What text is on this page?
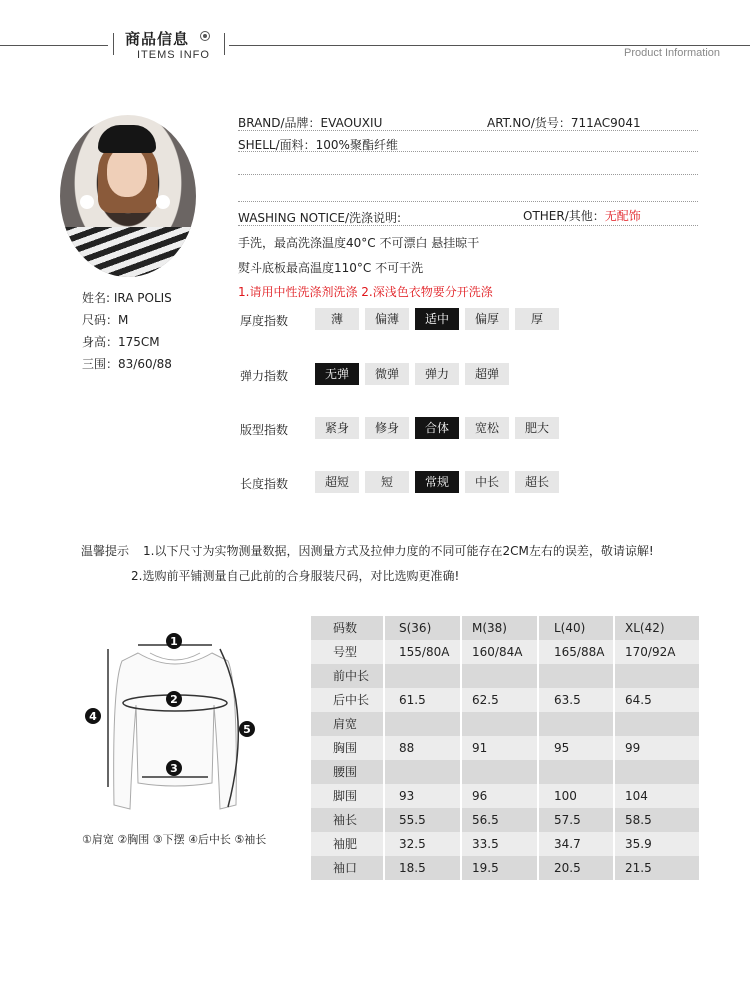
商品信息
ITEMS INFO	Product Information
姓名: IRA POLIS
尺码：M
身高：175CM
三围：83/60/88
BRAND/品牌：EVAOUXIU	ART.NO/货号：711AC9041
SHELL/面料：100%聚酯纤维
WASHING NOTICE/洗涤说明:	OTHER/其他：无配饰
手洗，最高洗涤温度40°C 不可漂白 悬挂晾干
熨斗底板最高温度110°C 不可干洗
1.请用中性洗涤剂洗涤 2.深浅色衣物要分开洗涤
厚度指数	薄	偏薄	适中	偏厚	厚
弹力指数	无弹	微弹	弹力	超弹
版型指数	紧身	修身	合体	宽松	肥大
长度指数	超短	短	常规	中长	超长
温馨提示 1.以下尺寸为实物测量数据，因测量方式及拉伸力度的不同可能存在2CM左右的误差，敬请谅解!
2.选购前平铺测量自己此前的合身服装尺码，对比选购更准确!
1
2
3
4
5
①肩宽 ②胸围 ③下摆 ④后中长 ⑤袖长
码数	S(36)	M(38)	L(40)	XL(42)
号型	155/80A	160/84A	165/88A	170/92A
前中长
后中长	61.5	62.5	63.5	64.5
肩宽
胸围	88	91	95	99
腰围
脚围	93	96	100	104
袖长	55.5	56.5	57.5	58.5
袖肥	32.5	33.5	34.7	35.9
袖口	18.5	19.5	20.5	21.5
